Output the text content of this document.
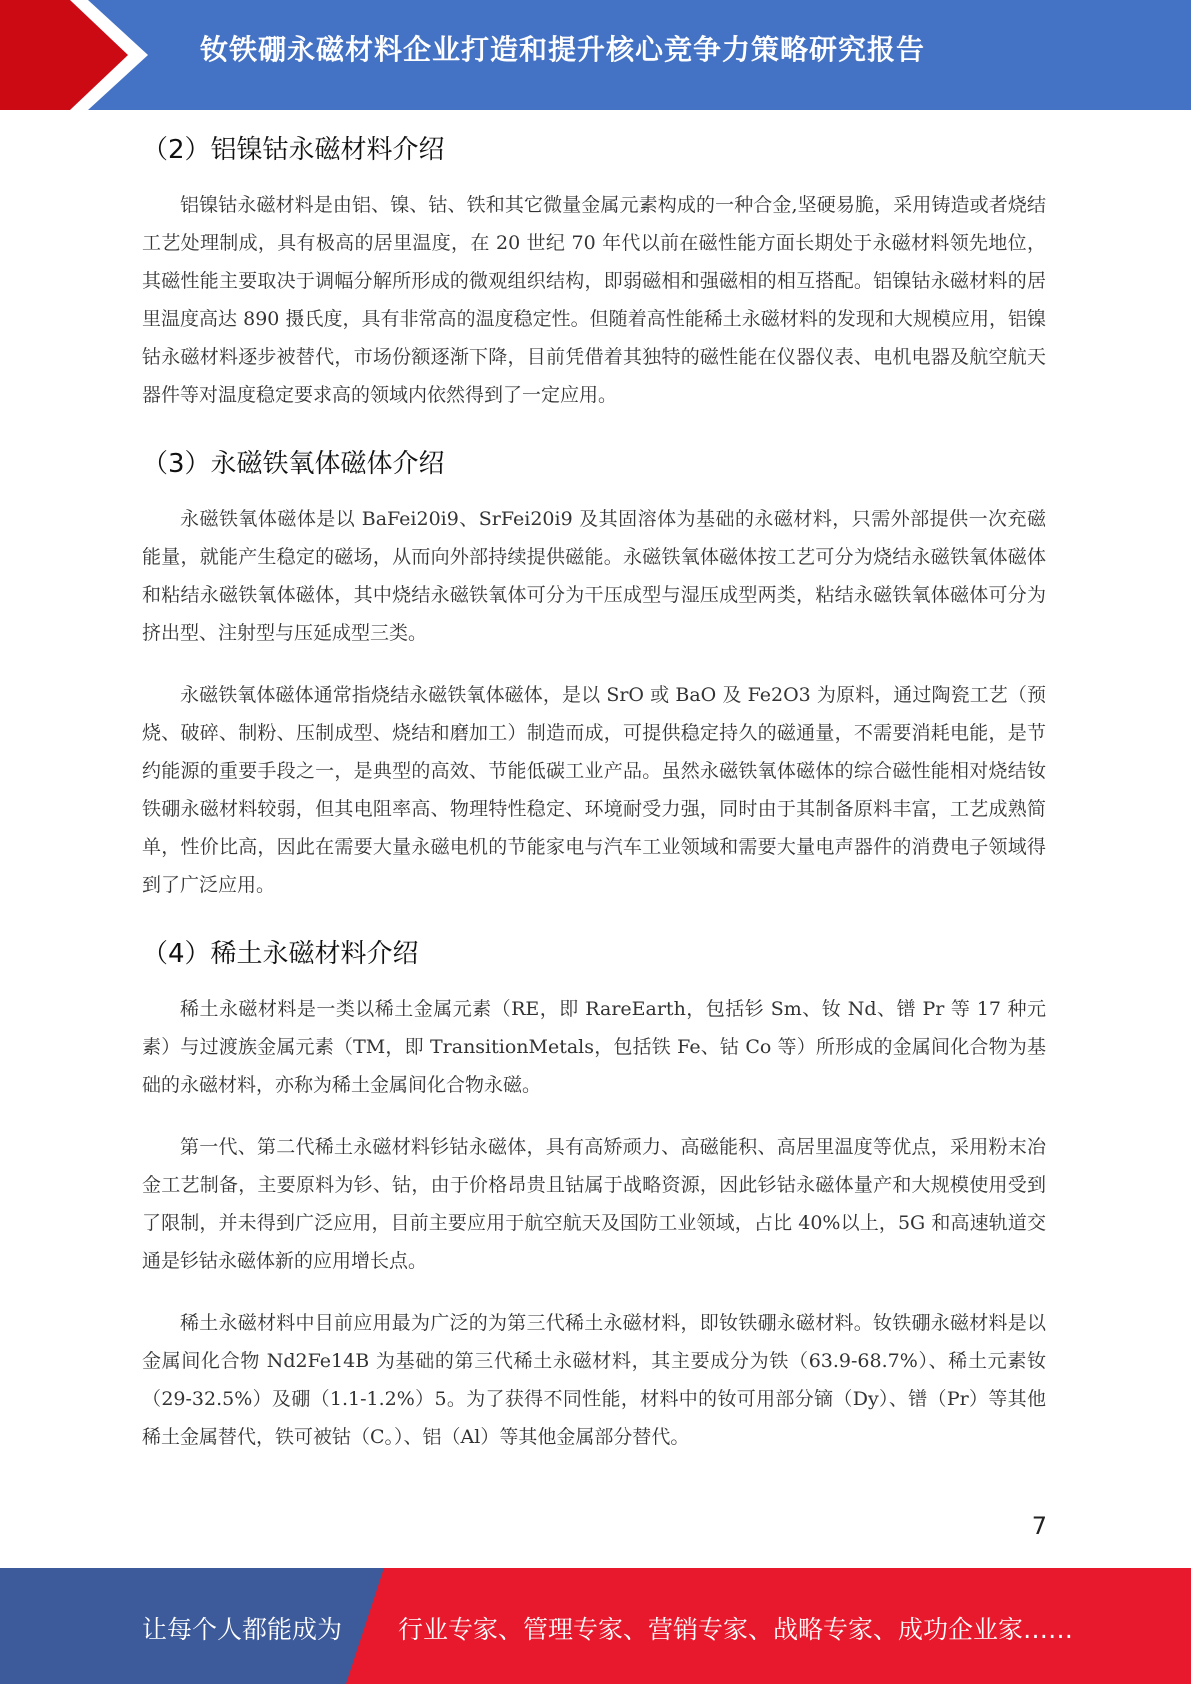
钕铁硼永磁材料企业打造和提升核心竞争力策略研究报告
（2）铝镍钴永磁材料介绍

铝镍钴永磁材料是由铝、镍、钴、铁和其它微量金属元素构成的一种合金,坚硬易脆，采用铸造或者烧结工艺处理制成，具有极高的居里温度，在 20 世纪 70 年代以前在磁性能方面长期处于永磁材料领先地位，其磁性能主要取决于调幅分解所形成的微观组织结构，即弱磁相和强磁相的相互搭配。铝镍钴永磁材料的居里温度高达 890 摄氏度，具有非常高的温度稳定性。但随着高性能稀土永磁材料的发现和大规模应用，铝镍钴永磁材料逐步被替代，市场份额逐渐下降，目前凭借着其独特的磁性能在仪器仪表、电机电器及航空航天器件等对温度稳定要求高的领域内依然得到了一定应用。

（3）永磁铁氧体磁体介绍

永磁铁氧体磁体是以 BaFei20i9、SrFei20i9 及其固溶体为基础的永磁材料，只需外部提供一次充磁能量，就能产生稳定的磁场，从而向外部持续提供磁能。永磁铁氧体磁体按工艺可分为烧结永磁铁氧体磁体和粘结永磁铁氧体磁体，其中烧结永磁铁氧体可分为干压成型与湿压成型两类，粘结永磁铁氧体磁体可分为挤出型、注射型与压延成型三类。

永磁铁氧体磁体通常指烧结永磁铁氧体磁体，是以 SrO 或 BaO 及 Fe2O3 为原料，通过陶瓷工艺（预烧、破碎、制粉、压制成型、烧结和磨加工）制造而成，可提供稳定持久的磁通量，不需要消耗电能，是节约能源的重要手段之一，是典型的高效、节能低碳工业产品。虽然永磁铁氧体磁体的综合磁性能相对烧结钕铁硼永磁材料较弱，但其电阻率高、物理特性稳定、环境耐受力强，同时由于其制备原料丰富，工艺成熟简单，性价比高，因此在需要大量永磁电机的节能家电与汽车工业领域和需要大量电声器件的消费电子领域得到了广泛应用。

（4）稀土永磁材料介绍

稀土永磁材料是一类以稀土金属元素（RE，即 RareEarth，包括钐 Sm、钕 Nd、镨 Pr 等 17 种元素）与过渡族金属元素（TM，即 TransitionMetals，包括铁 Fe、钴 Co 等）所形成的金属间化合物为基础的永磁材料，亦称为稀土金属间化合物永磁。

第一代、第二代稀土永磁材料钐钴永磁体，具有高矫顽力、高磁能积、高居里温度等优点，采用粉末冶金工艺制备，主要原料为钐、钴，由于价格昂贵且钴属于战略资源，因此钐钴永磁体量产和大规模使用受到了限制，并未得到广泛应用，目前主要应用于航空航天及国防工业领域，占比 40%以上，5G 和高速轨道交通是钐钴永磁体新的应用增长点。

稀土永磁材料中目前应用最为广泛的为第三代稀土永磁材料，即钕铁硼永磁材料。钕铁硼永磁材料是以金属间化合物 Nd2Fe14B 为基础的第三代稀土永磁材料，其主要成分为铁（63.9-68.7%）、稀土元素钕（29-32.5%）及硼（1.1-1.2%）5。为了获得不同性能，材料中的钕可用部分镝（Dy）、镨（Pr）等其他稀土金属替代，铁可被钴（C。）、铝（Al）等其他金属部分替代。

7
让每个人都能成为 行业专家、管理专家、营销专家、战略专家、成功企业家……
